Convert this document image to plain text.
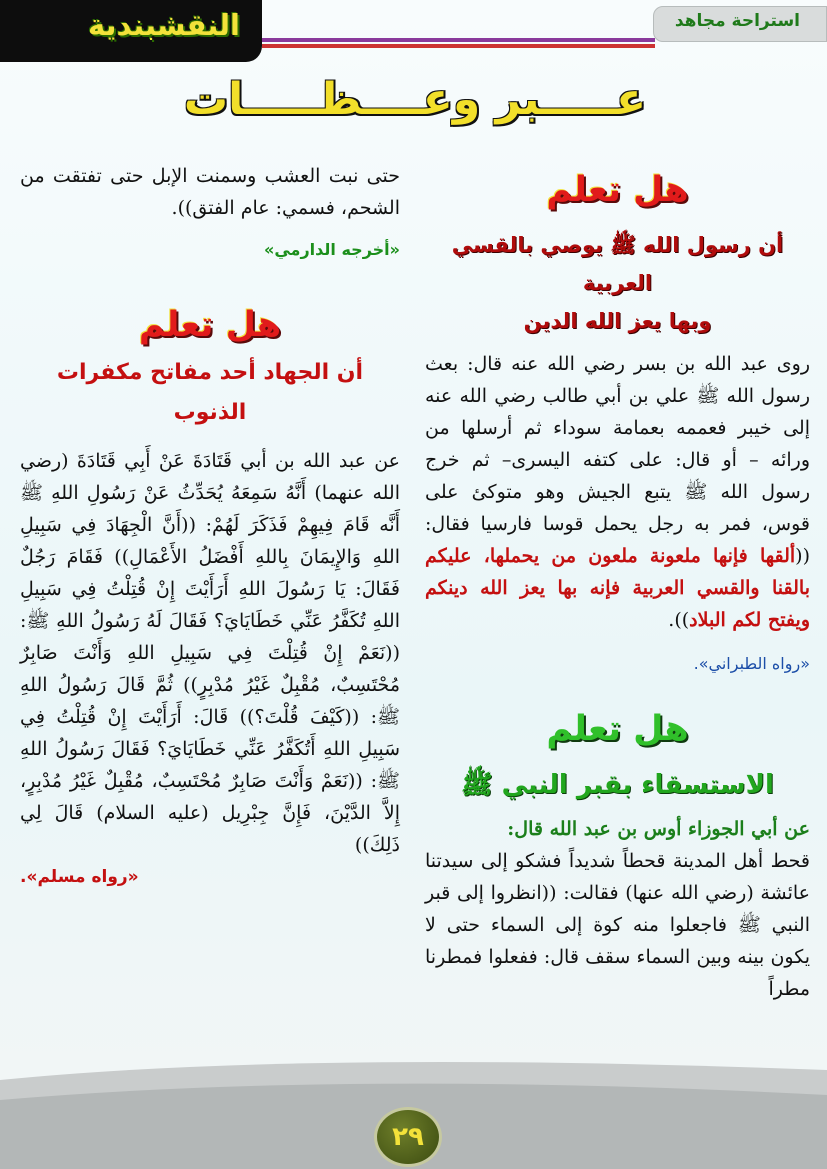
النقشبندية	استراحة مجاهد
عـــــبر وعــــظـــــات

هل تعلم

أن رسول الله ﷺ يوصي بالقسي العربية

وبها يعز الله الدين

روى عبد الله بن بسر رضي الله عنه قال: بعث رسول الله ﷺ علي بن أبي طالب رضي الله عنه إلى خيبر فعممه بعمامة سوداء ثم أرسلها من ورائه – أو قال: على كتفه اليسرى– ثم خرج رسول الله ﷺ يتبع الجيش وهو متوكئ على قوس، فمر به رجل يحمل قوسا فارسيا فقال: ((ألقها فإنها ملعونة ملعون من يحملها، عليكم بالقنا والقسي العربية فإنه بها يعز الله دينكم ويفتح لكم البلاد)).

«رواه الطبراني».

هل تعلم

الاستسقاء بقبر النبي ﷺ

عن أبي الجوزاء أوس بن عبد الله قال:

قحط أهل المدينة قحطاً شديداً فشكو إلى سيدتنا عائشة (رضي الله عنها) فقالت: ((انظروا إلى قبر النبي ﷺ فاجعلوا منه كوة إلى السماء حتى لا يكون بينه وبين السماء سقف قال: ففعلوا فمطرنا مطراً

حتى نبت العشب وسمنت الإبل حتى تفتقت من الشحم، فسمي: عام الفتق)).

«أخرجه الدارمي»

هل تعلم

أن الجهاد أحد مفاتح مكفرات

الذنوب

عن عبد الله بن أبي قَتَادَةَ عَنْ أَبِي قَتَادَةَ (رضي الله عنهما) أَنَّهُ سَمِعَهُ يُحَدِّثُ عَنْ رَسُولِ اللهِ ﷺ أَنَّه قَامَ فِيهِمْ فَذَكَرَ لَهُمْ: ((أَنَّ الْجِهَادَ فِي سَبِيلِ اللهِ وَالإِيمَانَ بِاللهِ أَفْضَلُ الأَعْمَالِ)) فَقَامَ رَجُلٌ فَقَالَ: يَا رَسُولَ اللهِ أَرَأَيْتَ إِنْ قُتِلْتُ فِي سَبِيلِ اللهِ تُكَفَّرُ عَنِّي خَطَايَايَ؟ فَقَالَ لَهُ رَسُولُ اللهِ ﷺ: ((نَعَمْ إِنْ قُتِلْتَ فِي سَبِيلِ اللهِ وَأَنْتَ صَابِرٌ مُحْتَسِبٌ، مُقْبِلٌ غَيْرُ مُدْبِرٍ)) ثُمَّ قَالَ رَسُولُ اللهِ ﷺ: ((كَيْفَ قُلْتَ؟)) قَالَ: أَرَأَيْتَ إِنْ قُتِلْتُ فِي سَبِيلِ اللهِ أَتُكَفَّرُ عَنِّي خَطَايَايَ؟ فَقَالَ رَسُولُ اللهِ ﷺ: ((نَعَمْ وَأَنْتَ صَابِرٌ مُحْتَسِبٌ، مُقْبِلٌ غَيْرُ مُدْبِرٍ، إِلاَّ الدَّيْنَ، فَإِنَّ جِبْرِيل (عليه السلام) قَالَ لِي ذَلِكَ))

«رواه مسلم».

٢٩
